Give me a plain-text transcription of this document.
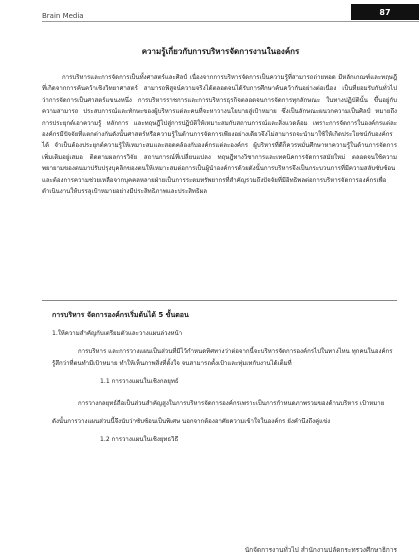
Brain Media	87
ความรู้เกี่ยวกับการบริหารจัดการงานในองค์กร

การบริหารและการจัดการเป็นทั้งศาสตร์และศิลป์ เนื่องจากการบริหารจัดการเป็นความรู้ที่สามารถถ่ายทอด มีหลักเกณฑ์และทฤษฎีที่เกิดจากการค้นคว้าเชิงวิทยาศาสตร์ สามารถพิสูจน์ความจริงได้ตลอดจนได้รับการศึกษาค้นคว้ากันอย่างต่อเนื่อง เป็นที่ยอมรับกันทั่วไปว่าการจัดการเป็นศาสตร์แขนงหนึ่ง การบริหารราชการและการบริหารธุรกิจตลอดจนการจัดการทุกลักษณะ ในทางปฏิบัตินั้น ขึ้นอยู่กับความสามารถ ประสบการณ์และทักษะของผู้บริหารแต่ละคนที่จะหาวางนโยบายสู่เป้าหมาย ซึ่งเป็นลักษณะผนวกความเป็นศิลป์ หมายถึงการประยุกต์เอาความรู้ หลักการ และทฤษฎีไปสู่การปฏิบัติให้เหมาะสมกับสถานการณ์และสิ่งแวดล้อม เพราะการจัดการในองค์กรแต่ละองค์กรมีปัจจัยที่แตกต่างกันดังนั้นศาสตร์หรือความรู้ในด้านการจัดการเพียงอย่างเดียวจึงไม่สามารถจะนำมาใช้ให้เกิดประโยชน์กับองค์กรได้ จำเป็นต้องประยุกต์ความรู้ให้เหมาะสมและสอดคล้องกับองค์กรแต่ละองค์กร ผู้บริหารที่ดีก็ควรหมั่นศึกษาหาความรู้ในด้านการจัดการเพิ่มเติมอยู่เสมอ ติดตามผลการวิจัย สถานการณ์ที่เปลี่ยนแปลง ทฤษฎีทางวิชาการและเทคนิคการจัดการสมัยใหม่ ตลอดจนใช้ความพยายามของตนมาปรับปรุงบุคลิกของตนให้เหมาะสมต่อการเป็นผู้นำองค์การด้วยดังนั้นการบริหารจึงเป็นกระบวนการที่มีความสลับซับซ้อนและต้องการความช่วยเหลือจากบุคคลหลายฝ่ายเป็นการระดมทรัพยากรที่สำคัญรวมถึงปัจจัยที่มีอิทธิพลต่อการบริหารจัดการองค์กรเพื่อดำเนินงานให้บรรลุเป้าหมายอย่างมีประสิทธิภาพและประสิทธิผล

การบริหาร จัดการองค์กรเริ่มต้นได้ 5 ขั้นตอน

1.ให้ความสำคัญกับเตรียมตัวและวางแผนล่วงหน้า

การบริหาร และการวางแผนเป็นส่วนที่มีไว้กำหนดทิศทางว่าต่อจากนี้จะบริหารจัดการองค์กรไปในทางไหน ทุกคนในองค์กรรู้สึกว่าที่ตนทำมีเป้าหมาย ทำให้เห็นภาพสิ่งที่ตั้งใจ จนสามารถตั้งเป้าและทุ่มเทกับงานได้เต็มที่

1.1 การวางแผนในเชิงกลยุทธ์

การวางกลยุทธ์ถือเป็นส่วนสำคัญสูงในการบริหารจัดการองค์กรเพราะเป็นการกำหนดภาพรวมของด้านบริหาร เป้าหมาย

ดังนั้นการวางแผนส่วนนี้จึงนับว่าซับซ้อนเป็นพิเศษ นอกจากต้องอาศัยความเข้าใจในองค์กร ยังคำนึงถึงคู่แข่ง

1.2 การวางแผนในเชิงยุทธวิธี

นักจัดการงานทั่วไป สำนักงานปลัดกระทรวงศึกษาธิการ
